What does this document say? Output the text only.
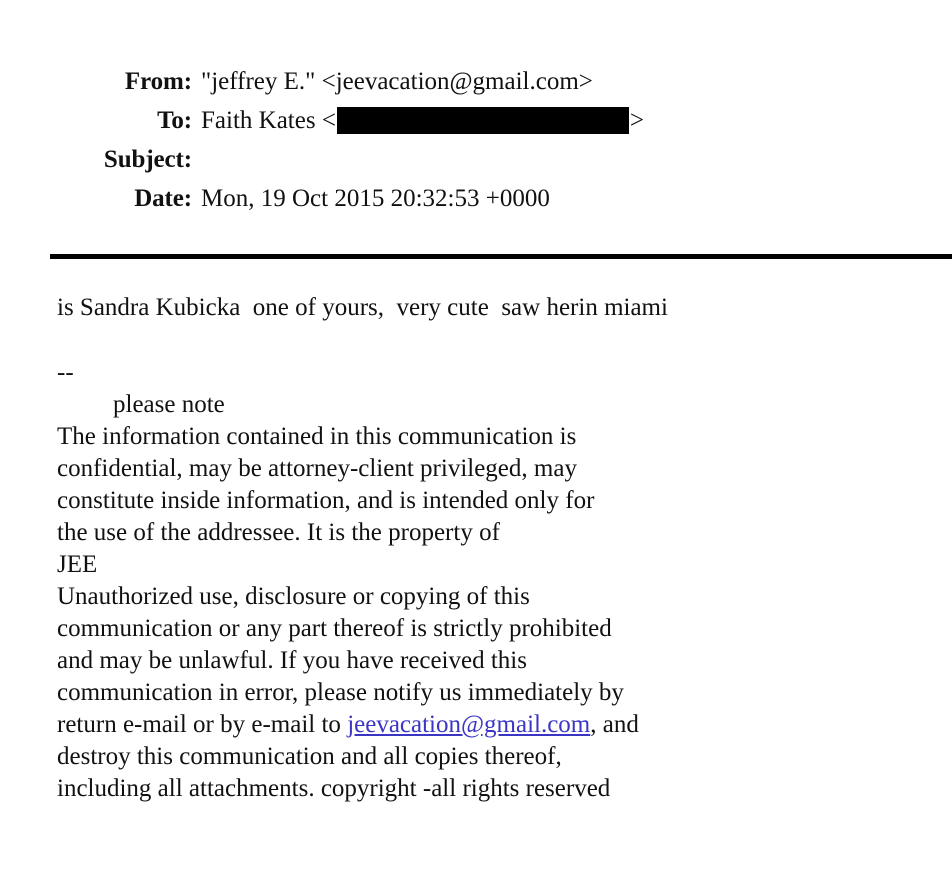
From: "jeffrey E." <jeevacation@gmail.com>
To: Faith Kates <	>
Subject:
Date: Mon, 19 Oct 2015 20:32:53 +0000
is Sandra Kubicka  one of yours,  very cute  saw herin miami
--
please note
The information contained in this communication is
confidential, may be attorney-client privileged, may
constitute inside information, and is intended only for
the use of the addressee. It is the property of
JEE
Unauthorized use, disclosure or copying of this
communication or any part thereof is strictly prohibited
and may be unlawful. If you have received this
communication in error, please notify us immediately by
return e-mail or by e-mail to jeevacation@gmail.com, and
destroy this communication and all copies thereof,
including all attachments. copyright -all rights reserved
